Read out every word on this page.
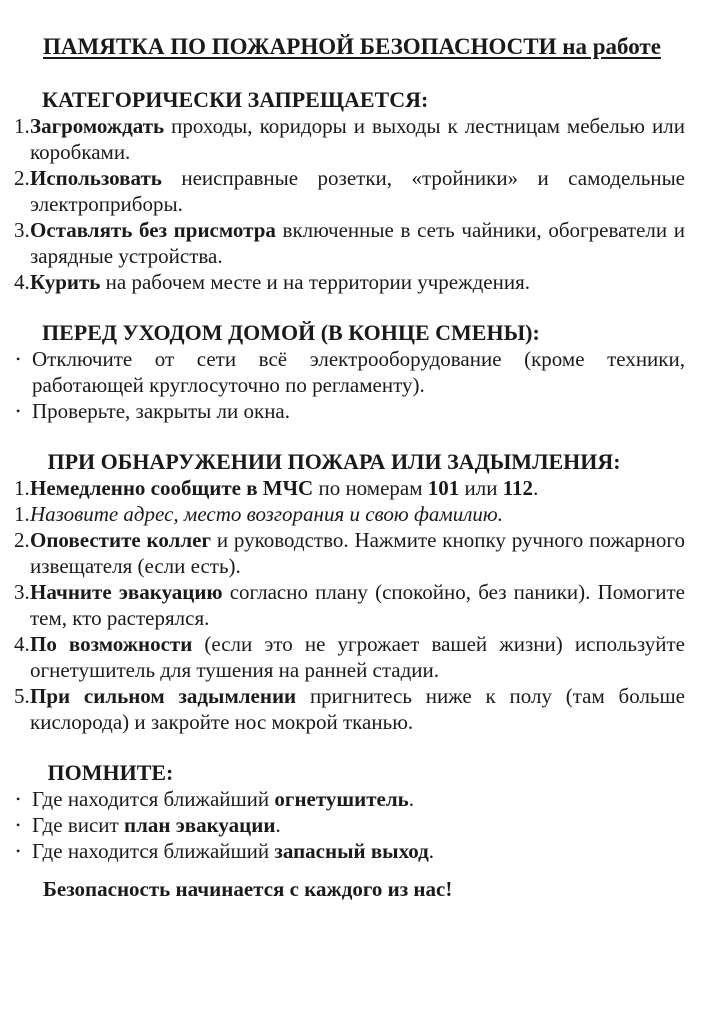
ПАМЯТКА ПО ПОЖАРНОЙ БЕЗОПАСНОСТИ на работе
КАТЕГОРИЧЕСКИ ЗАПРЕЩАЕТСЯ:
1. Загромождать проходы, коридоры и выходы к лестницам мебелью или коробками.
2. Использовать неисправные розетки, «тройники» и самодельные электроприборы.
3. Оставлять без присмотра включенные в сеть чайники, обогреватели и зарядные устройства.
4. Курить на рабочем месте и на территории учреждения.
ПЕРЕД УХОДОМ ДОМОЙ (В КОНЦЕ СМЕНЫ):
• Отключите от сети всё электрооборудование (кроме техники, работающей круглосуточно по регламенту).
• Проверьте, закрыты ли окна.
ПРИ ОБНАРУЖЕНИИ ПОЖАРА ИЛИ ЗАДЫМЛЕНИЯ:
1. Немедленно сообщите в МЧС по номерам 101 или 112.
1. Назовите адрес, место возгорания и свою фамилию.
2. Оповестите коллег и руководство. Нажмите кнопку ручного пожарного извещателя (если есть).
3. Начните эвакуацию согласно плану (спокойно, без паники). Помогите тем, кто растерялся.
4. По возможности (если это не угрожает вашей жизни) используйте огнетушитель для тушения на ранней стадии.
5. При сильном задымлении пригнитесь ниже к полу (там больше кислорода) и закройте нос мокрой тканью.
ПОМНИТЕ:
• Где находится ближайший огнетушитель.
• Где висит план эвакуации.
• Где находится ближайший запасный выход.

Безопасность начинается с каждого из нас!
